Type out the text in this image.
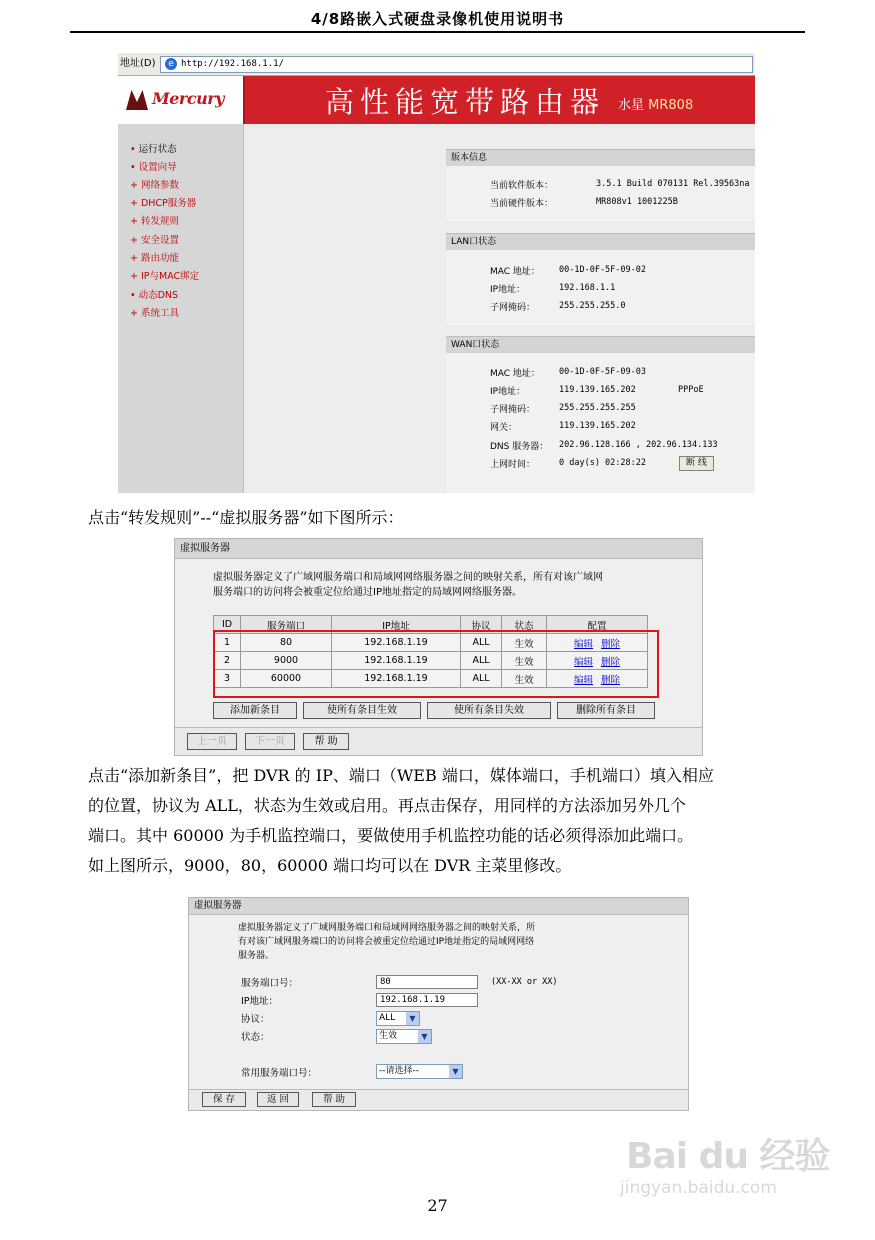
4/8路嵌入式硬盘录像机使用说明书
地址(D)	e http://192.168.1.1/
Mercury	高性能宽带路由器 水星 MR808
• 运行状态
• 设置向导
+ 网络参数
+ DHCP服务器
+ 转发规则
+ 安全设置
+ 路由功能
+ IP与MAC绑定
• 动态DNS
+ 系统工具
版本信息
当前软件版本：	3.5.1 Build 070131 Rel.39563na
当前硬件版本：	MR808v1 1001225B
LAN口状态
MAC 地址： 00-1D-0F-5F-09-02
IP地址：	192.168.1.1
子网掩码：	255.255.255.0
WAN口状态
MAC 地址： 00-1D-0F-5F-09-03
IP地址：	119.139.165.202	PPPoE
子网掩码：	255.255.255.255
网关：	119.139.165.202
DNS 服务器： 202.96.128.166 , 202.96.134.133
上网时间：	0 day(s) 02:28:22	断 线
点击“转发规则”--“虚拟服务器”如下图所示：
虚拟服务器
虚拟服务器定义了广域网服务端口和局域网网络服务器之间的映射关系，所有对该广域网
服务端口的访问将会被重定位给通过IP地址指定的局域网网络服务器。
ID	服务端口	IP地址	协议	状态	配置
1	80	192.168.1.19	ALL	生效	编辑 删除
2	9000	192.168.1.19	ALL	生效	编辑 删除
3	60000	192.168.1.19	ALL	生效	编辑 删除
添加新条目	使所有条目生效	使所有条目失效	删除所有条目
上一页	下一页	帮 助
点击“添加新条目”，把 DVR 的 IP、端口（WEB 端口，媒体端口，手机端口）填入相应
的位置，协议为 ALL，状态为生效或启用。再点击保存，用同样的方法添加另外几个
端口。其中 60000 为手机监控端口，要做使用手机监控功能的话必须得添加此端口。
如上图所示，9000，80，60000 端口均可以在 DVR 主菜里修改。
虚拟服务器
虚拟服务器定义了广域网服务端口和局域网网络服务器之间的映射关系，所
有对该广域网服务端口的访问将会被重定位给通过IP地址指定的局域网网络
服务器。
服务端口号：	80	(XX-XX or XX)
IP地址：	192.168.1.19
协议：	ALL	▼
状态：	生效	▼
常用服务端口号：	--请选择--	▼
保 存	返 回	帮 助
Bai du 经验
jingyan.baidu.com
27
